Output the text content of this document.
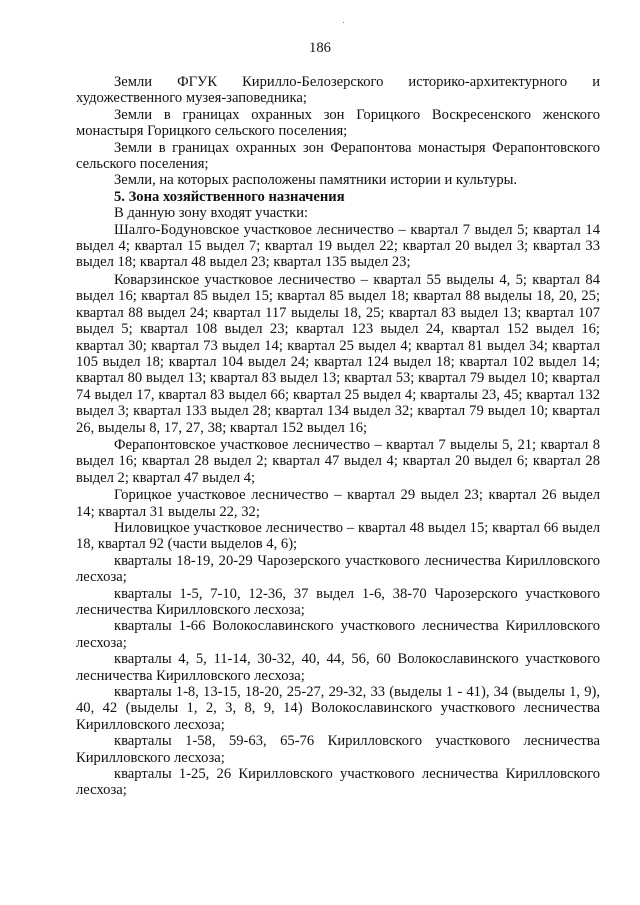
186

Земли ФГУК Кирилло-Белозерского историко-архитектурного и художественного музея-заповедника;

Земли в границах охранных зон Горицкого Воскресенского женского монастыря Горицкого сельского поселения;

Земли в границах охранных зон Ферапонтова монастыря Ферапонтовского сельского поселения;

Земли, на которых расположены памятники истории и культуры.

5. Зона хозяйственного назначения

В данную зону входят участки:

Шалго-Бодуновское участковое лесничество – квартал 7 выдел 5; квартал 14 выдел 4; квартал 15 выдел 7; квартал 19 выдел 22; квартал 20 выдел 3; квартал 33 выдел 18; квартал 48 выдел 23; квартал 135 выдел 23;

Коварзинское участковое лесничество – квартал 55 выделы 4, 5; квартал 84 выдел 16; квартал 85 выдел 15; квартал 85 выдел 18; квартал 88 выделы 18, 20, 25; квартал 88 выдел 24; квартал 117 выделы 18, 25; квартал 83 выдел 13; квартал 107 выдел 5; квартал 108 выдел 23; квартал 123 выдел 24, квартал 152 выдел 16; квартал 30; квартал 73 выдел 14; квартал 25 выдел 4; квартал 81 выдел 34; квартал 105 выдел 18; квартал 104 выдел 24; квартал 124 выдел 18; квартал 102 выдел 14; квартал 80 выдел 13; квартал 83 выдел 13; квартал 53; квартал 79 выдел 10; квартал 74 выдел 17, квартал 83 выдел 66; квартал 25 выдел 4; кварталы 23, 45; квартал 132 выдел 3; квартал 133 выдел 28; квартал 134 выдел 32; квартал 79 выдел 10; квартал 26, выделы 8, 17, 27, 38; квартал 152 выдел 16;

Ферапонтовское участковое лесничество – квартал 7 выделы 5, 21; квартал 8 выдел 16; квартал 28 выдел 2; квартал 47 выдел 4; квартал 20 выдел 6; квартал 28 выдел 2; квартал 47 выдел 4;

Горицкое участковое лесничество – квартал 29 выдел 23; квартал 26 выдел 14; квартал 31 выделы 22, 32;

Ниловицкое участковое лесничество – квартал 48 выдел 15; квартал 66 выдел 18, квартал 92 (части выделов 4, 6);

кварталы 18-19, 20-29 Чарозерского участкового лесничества Кирилловского лесхоза;

кварталы 1-5, 7-10, 12-36, 37 выдел 1-6, 38-70 Чарозерского участкового лесничества Кирилловского лесхоза;

кварталы 1-66 Волокославинского участкового лесничества Кирилловского лесхоза;

кварталы 4, 5, 11-14, 30-32, 40, 44, 56, 60 Волокославинского участкового лесничества Кирилловского лесхоза;

кварталы 1-8, 13-15, 18-20, 25-27, 29-32, 33 (выделы 1 - 41), 34 (выделы 1, 9), 40, 42 (выделы 1, 2, 3, 8, 9, 14) Волокославинского участкового лесничества Кирилловского лесхоза;

кварталы 1-58, 59-63, 65-76 Кирилловского участкового лесничества Кирилловского лесхоза;

кварталы 1-25, 26 Кирилловского участкового лесничества Кирилловского лесхоза;
